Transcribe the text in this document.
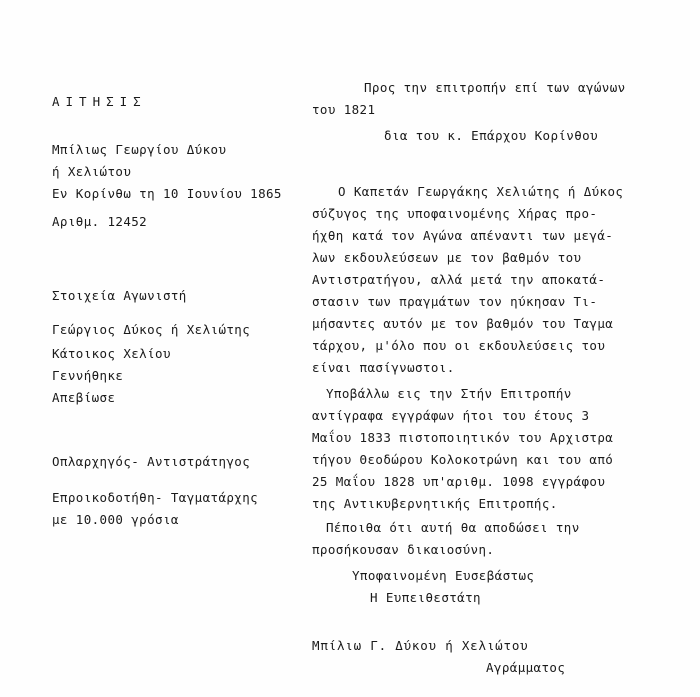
ΑΙΤΗΣΙΣ
Μπίλιως Γεωργίου Δύκου
ή Χελιώτου
Εν Κορίνθω τη 10 Ιουνίου 1865
Αριθμ. 12452
Στοιχεία Αγωνιστή
Γεώργιος Δύκος ή Χελιώτης
Κάτοικος Χελίου
Γεννήθηκε
Απεβίωσε
Οπλαρχηγός- Αντιστράτηγος
Επροικοδοτήθη- Ταγματάρχης
με 10.000 γρόσια
Προς την επιτροπήν επί των αγώνων
του 1821
δια του κ. Επάρχου Κορίνθου
Ο Καπετάν Γεωργάκης Χελιώτης ή Δύκος
σύζυγος της υποφαινομένης Χήρας προ-
ήχθη κατά τον Αγώνα απέναντι των μεγά-
λων εκδουλεύσεων με τον βαθμόν του
Αντιστρατήγου, αλλά μετά την αποκατά-
στασιν των πραγμάτων τον ηύκησαν Τι-
μήσαντες αυτόν με τον βαθμόν του Ταγμα
τάρχου, μ'όλο που οι εκδουλεύσεις του
είναι πασίγνωστοι.
Υποβάλλω εις την Στήν Επιτροπήν
αντίγραφα εγγράφων ήτοι του έτους 3
Μαΐου 1833 πιστοποιητικόν του Αρχιστρα
τήγου Θεοδώρου Κολοκοτρώνη και του από
25 Μαΐου 1828 υπ'αριθμ. 1098 εγγράφου
της Αντικυβερνητικής Επιτροπής.
Πέποιθα ότι αυτή θα αποδώσει την
προσήκουσαν δικαιοσύνη.
Υποφαινομένη Ευσεβάστως
Η Ευπειθεστάτη
Μπίλιω Γ. Δύκου ή Χελιώτου
Αγράμματος
